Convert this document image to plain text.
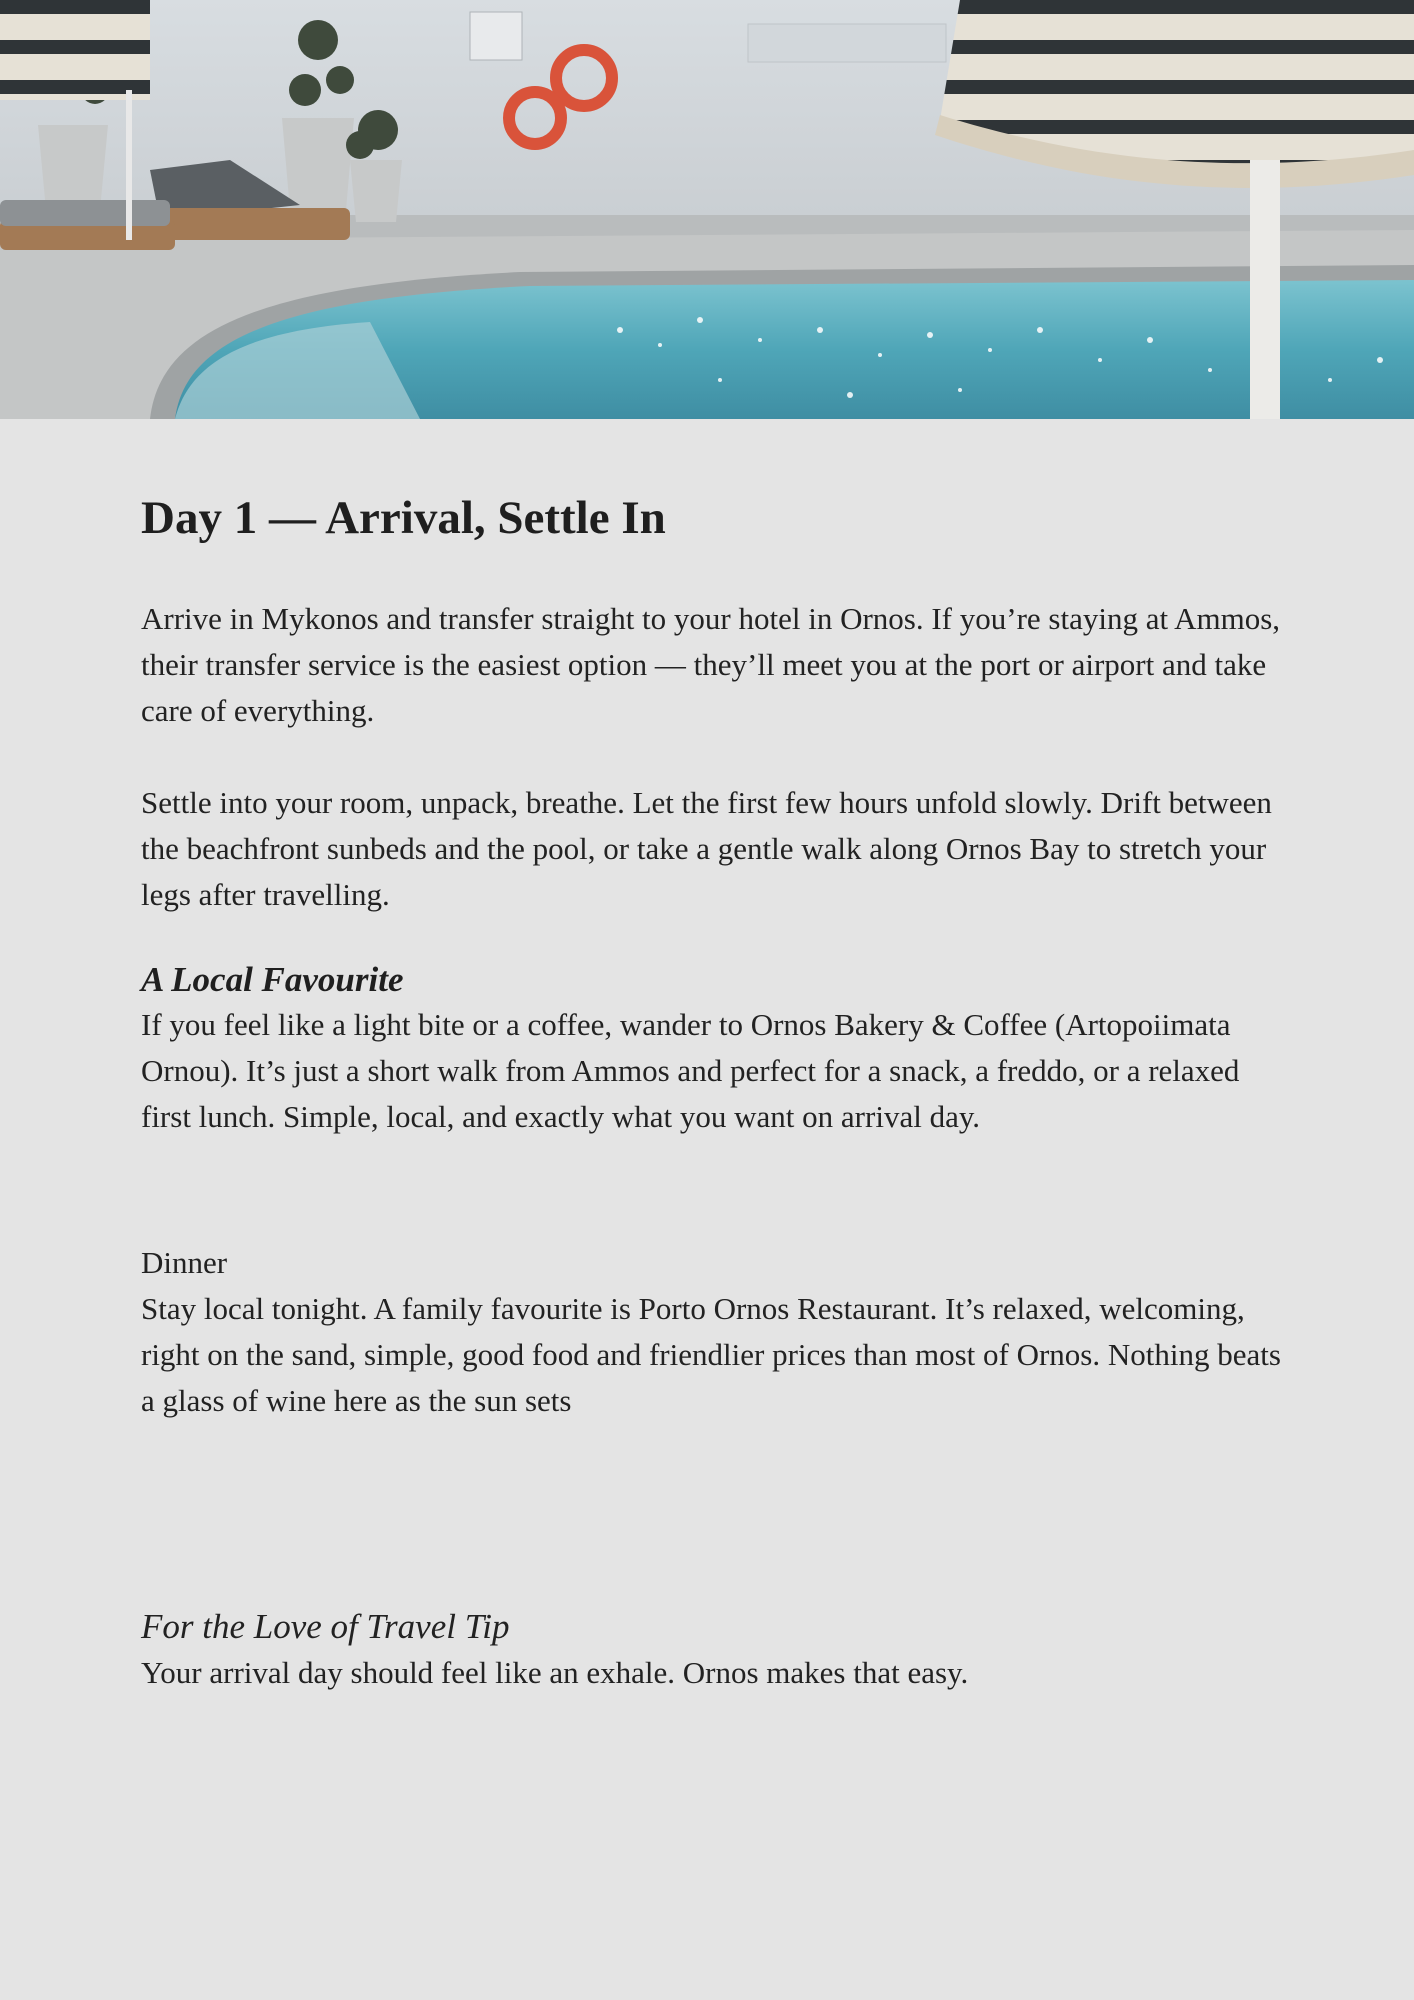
Day 1 — Arrival, Settle In

Arrive in Mykonos and transfer straight to your hotel in Ornos. If you’re staying at Ammos, their transfer service is the easiest option — they’ll meet you at the port or airport and take care of everything.

Settle into your room, unpack, breathe. Let the first few hours unfold slowly. Drift between the beachfront sunbeds and the pool, or take a gentle walk along Ornos Bay to stretch your legs after travelling.

A Local Favourite

If you feel like a light bite or a coffee, wander to Ornos Bakery & Coffee (Artopoiimata Ornou). It’s just a short walk from Ammos and perfect for a snack, a freddo, or a relaxed first lunch. Simple, local, and exactly what you want on arrival day.

Dinner

Stay local tonight. A family favourite is Porto Ornos Restaurant. It’s relaxed, welcoming, right on the sand, simple, good food and friendlier prices than most of Ornos. Nothing beats a glass of wine here as the sun sets

For the Love of Travel Tip

Your arrival day should feel like an exhale. Ornos makes that easy.
